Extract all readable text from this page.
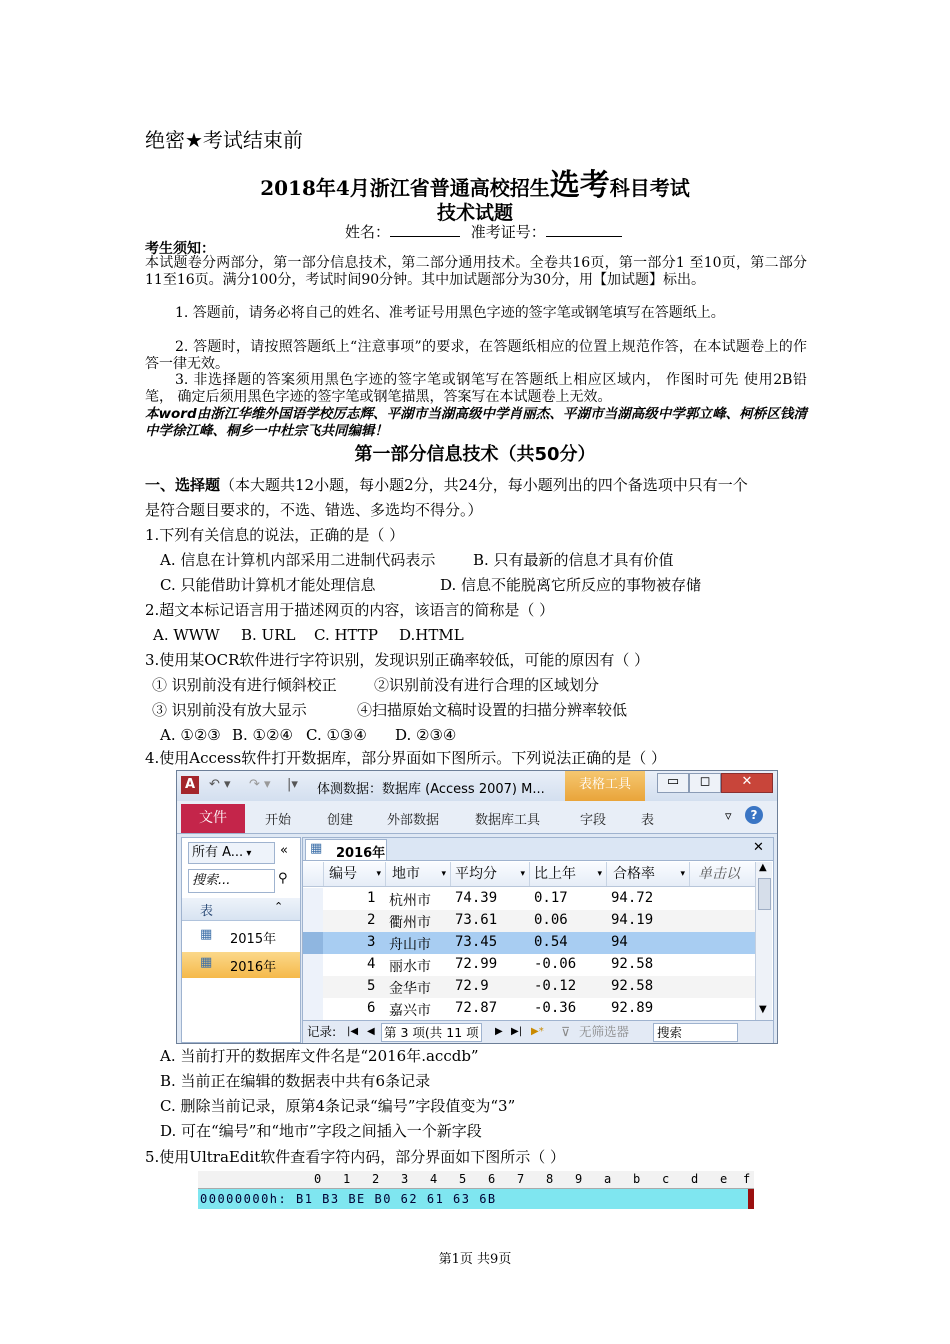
绝密★考试结束前
2018年4月浙江省普通高校招生选考科目考试
技术试题
姓名：	准考证号：
考生须知：
本试题卷分两部分，第一部分信息技术，第二部分通用技术。全卷共16页，第一部分1 至10页，第二部分11至16页。满分100分，考试时间90分钟。其中加试题部分为30分，用【加试题】标出。
1. 答题前，请务必将自己的姓名、准考证号用黑色字迹的签字笔或钢笔填写在答题纸上。
2. 答题时，请按照答题纸上“注意事项”的要求，在答题纸相应的位置上规范作答，在本试题卷上的作答一律无效。
3. 非选择题的答案须用黑色字迹的签字笔或钢笔写在答题纸上相应区域内， 作图时可先 使用2B铅笔， 确定后须用黑色字迹的签字笔或钢笔描黑，答案写在本试题卷上无效。
本word由浙江华维外国语学校厉志辉、平湖市当湖高级中学肖丽杰、平湖市当湖高级中学郭立峰、柯桥区钱清中学徐江峰、桐乡一中杜宗飞共同编辑！
第一部分信息技术（共50分）
一、选择题（本大题共12小题，每小题2分，共24分，每小题列出的四个备选项中只有一个
是符合题目要求的，不选、错选、多选均不得分。）
1.下列有关信息的说法，正确的是（ ）
A. 信息在计算机内部采用二进制代码表示	B. 只有最新的信息才具有价值
C. 只能借助计算机才能处理信息	D. 信息不能脱离它所反应的事物被存储
2.超文本标记语言用于描述网页的内容，该语言的简称是（ ）
A. WWW B. URL C. HTTP D.HTML
3.使用某OCR软件进行字符识别，发现识别正确率较低，可能的原因有（ ）
① 识别前没有进行倾斜校正 ②识别前没有进行合理的区域划分
③ 识别前没有放大显示	④扫描原始文稿时设置的扫描分辨率较低
A. ①②③ B. ①②④ C. ①③④ D. ②③④
4.使用Access软件打开数据库，部分界面如下图所示。下列说法正确的是（ ）
A	↶ ▾ ↷ ▾ |▾ 体测数据：数据库 (Access 2007) M...	表格工具	▭	◻	✕
开始	创建	外部数据	数据库工具	字段	表	▿	?
文件
所有 A... ▾	«
搜索...	⚲
表	⌃
▦ 2015年
▦ 2016年
▦ 2016年	✕
编号 ▾ 地市 ▾ 平均分	▾ 比上年 ▾ 合格率	▾ 单击以
1 杭州市 74.39	0.17	94.72
2 衢州市 73.61	0.06	94.19
3 舟山市 73.45	0.54	94
4 丽水市 72.99	-0.06 92.58
5 金华市 72.9	-0.12 92.58
6 嘉兴市 72.87	-0.36 92.89
▲
▼
记录: |◀ ◀ 第 3 项(共 11 项	▶ ▶| ▶* ⊽ 无筛选器	搜索
A. 当前打开的数据库文件名是“2016年.accdb”
B. 当前正在编辑的数据表中共有6条记录
C. 删除当前记录，原第4条记录“编号”字段值变为“3”
D. 可在“编号”和“地市”字段之间插入一个新字段
5.使用UltraEdit软件查看字符内码，部分界面如下图所示（ ）
0 1 2 3 4 5 6 7 8 9 a b c d e f
00000000h: B1 B3 BE B0 62 61 63 6B
第1页 共9页
